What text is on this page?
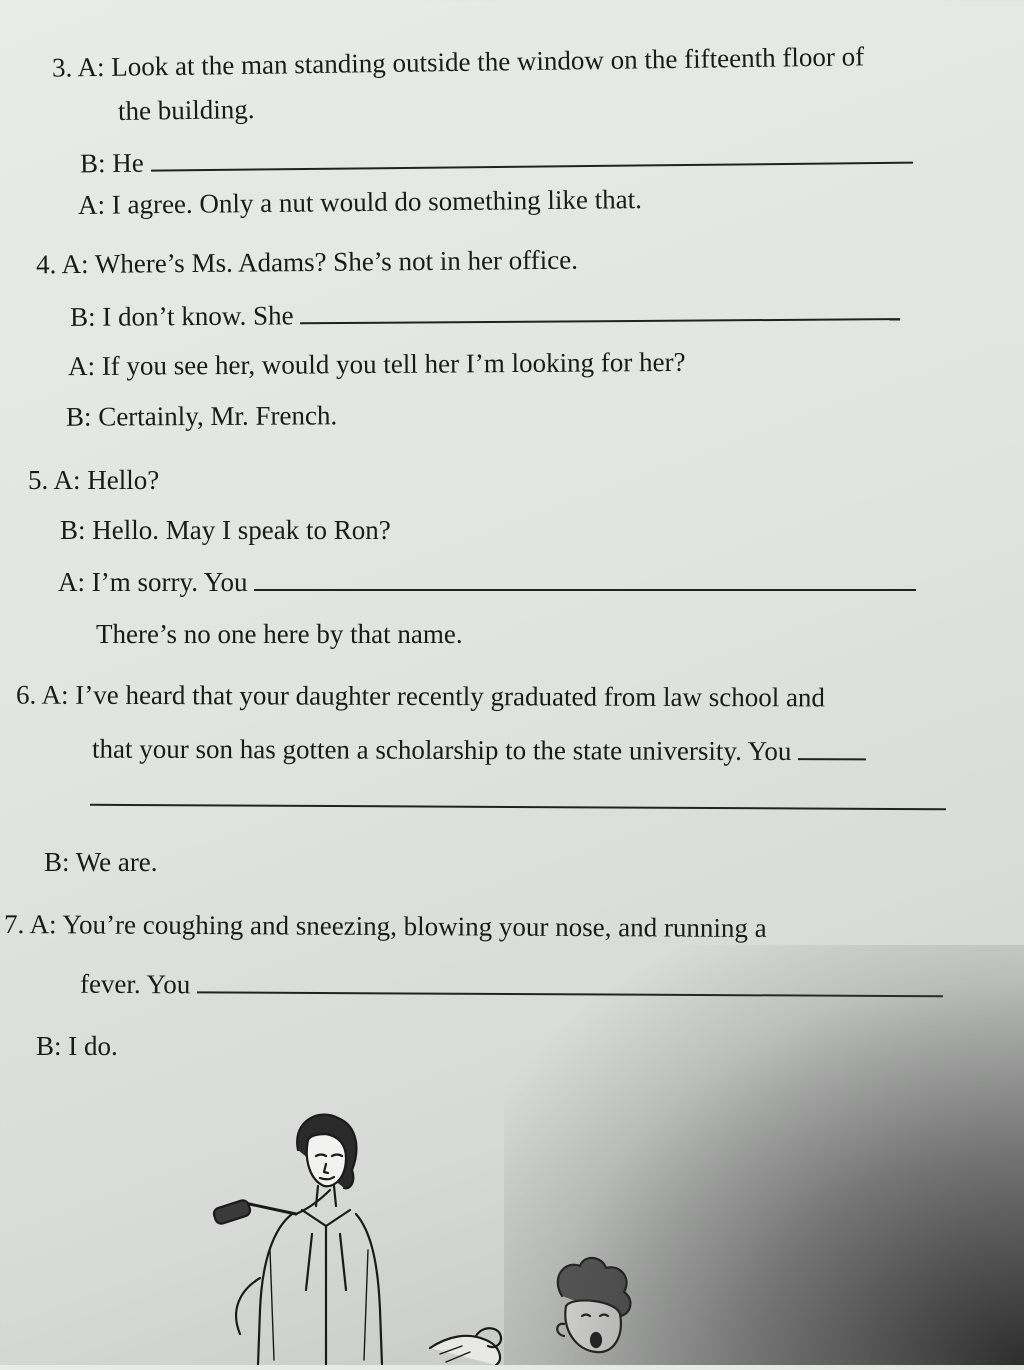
3. A: Look at the man standing outside the window on the fifteenth floor of
the building.
B: He
A: I agree. Only a nut would do something like that.
4. A: Where’s Ms. Adams? She’s not in her office.
B: I don’t know. She
A: If you see her, would you tell her I’m looking for her?
B: Certainly, Mr. French.
5. A: Hello?
B: Hello. May I speak to Ron?
A: I’m sorry. You
There’s no one here by that name.
6. A: I’ve heard that your daughter recently graduated from law school and
that your son has gotten a scholarship to the state university. You
B: We are.
7. A: You’re coughing and sneezing, blowing your nose, and running a
fever. You
B: I do.
